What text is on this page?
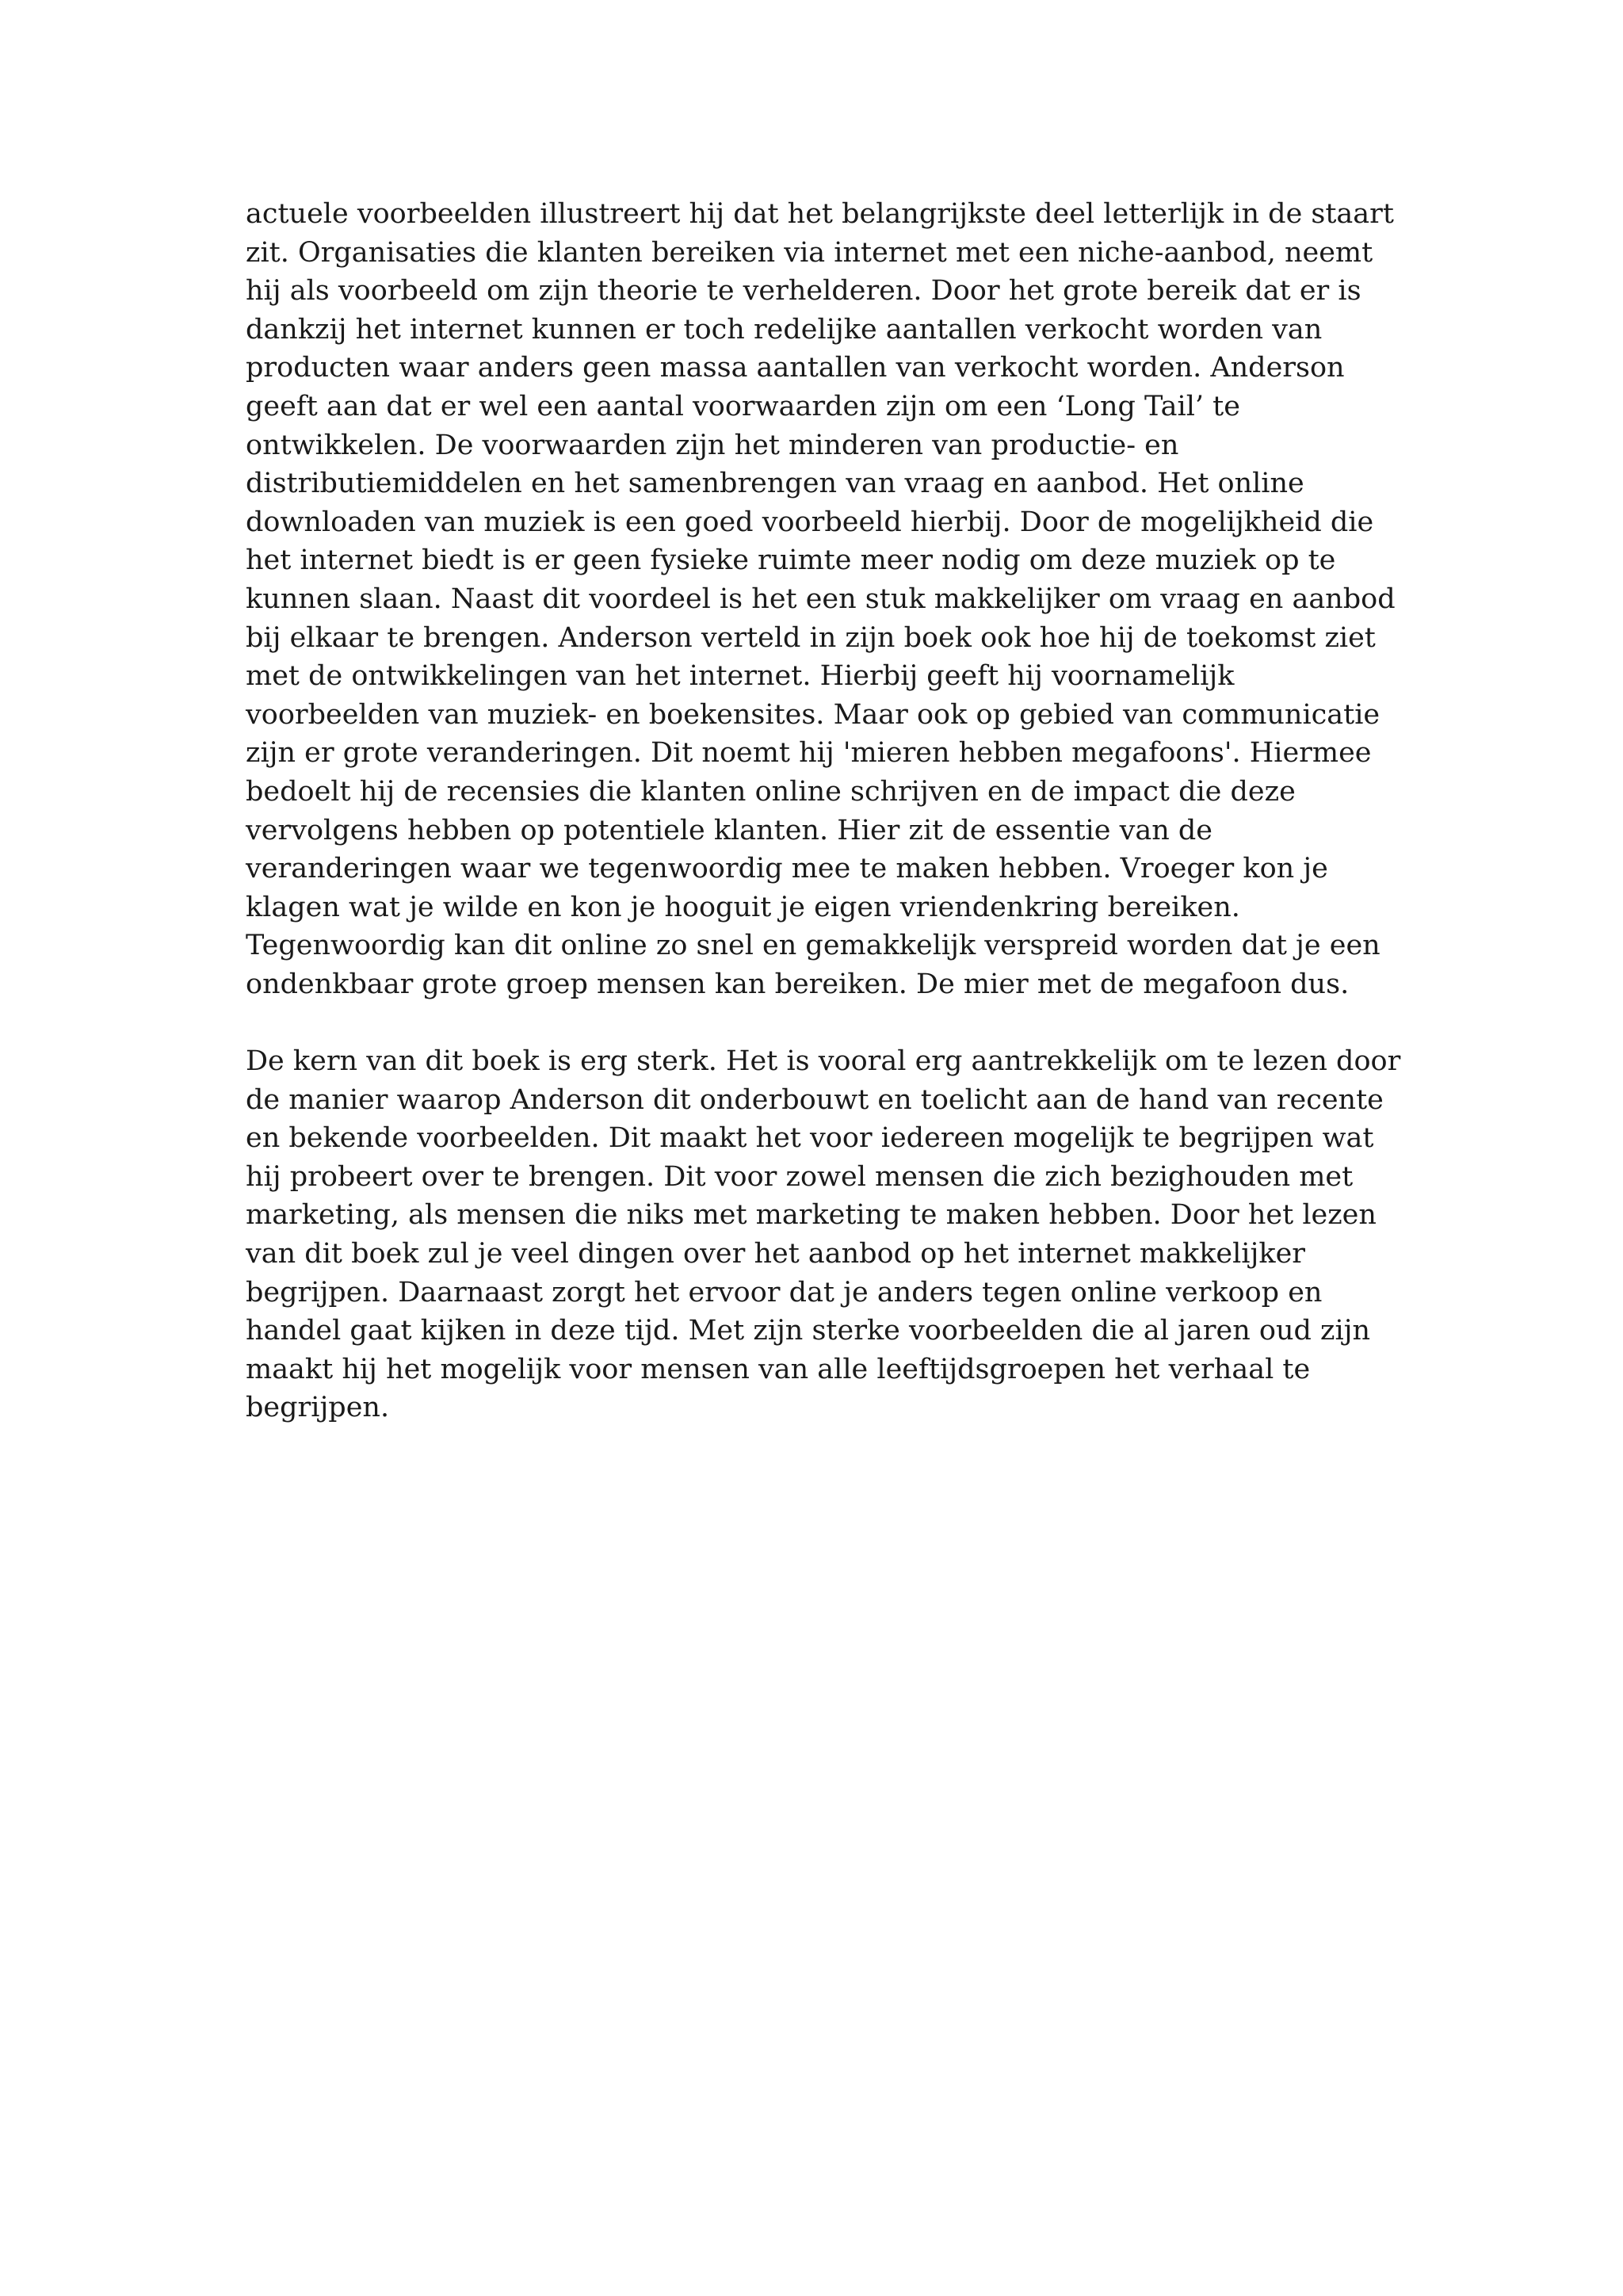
actuele voorbeelden illustreert hij dat het belangrijkste deel letterlijk in de staart
zit. Organisaties die klanten bereiken via internet met een niche-aanbod, neemt
hij als voorbeeld om zijn theorie te verhelderen. Door het grote bereik dat er is
dankzij het internet kunnen er toch redelijke aantallen verkocht worden van
producten waar anders geen massa aantallen van verkocht worden. Anderson
geeft aan dat er wel een aantal voorwaarden zijn om een ‘Long Tail’ te
ontwikkelen. De voorwaarden zijn het minderen van productie- en
distributiemiddelen en het samenbrengen van vraag en aanbod. Het online
downloaden van muziek is een goed voorbeeld hierbij. Door de mogelijkheid die
het internet biedt is er geen fysieke ruimte meer nodig om deze muziek op te
kunnen slaan. Naast dit voordeel is het een stuk makkelijker om vraag en aanbod
bij elkaar te brengen. Anderson verteld in zijn boek ook hoe hij de toekomst ziet
met de ontwikkelingen van het internet. Hierbij geeft hij voornamelijk
voorbeelden van muziek- en boekensites. Maar ook op gebied van communicatie
zijn er grote veranderingen. Dit noemt hij 'mieren hebben megafoons'. Hiermee
bedoelt hij de recensies die klanten online schrijven en de impact die deze
vervolgens hebben op potentiele klanten. Hier zit de essentie van de
veranderingen waar we tegenwoordig mee te maken hebben. Vroeger kon je
klagen wat je wilde en kon je hooguit je eigen vriendenkring bereiken.
Tegenwoordig kan dit online zo snel en gemakkelijk verspreid worden dat je een
ondenkbaar grote groep mensen kan bereiken. De mier met de megafoon dus.

De kern van dit boek is erg sterk. Het is vooral erg aantrekkelijk om te lezen door
de manier waarop Anderson dit onderbouwt en toelicht aan de hand van recente
en bekende voorbeelden. Dit maakt het voor iedereen mogelijk te begrijpen wat
hij probeert over te brengen. Dit voor zowel mensen die zich bezighouden met
marketing, als mensen die niks met marketing te maken hebben. Door het lezen
van dit boek zul je veel dingen over het aanbod op het internet makkelijker
begrijpen. Daarnaast zorgt het ervoor dat je anders tegen online verkoop en
handel gaat kijken in deze tijd. Met zijn sterke voorbeelden die al jaren oud zijn
maakt hij het mogelijk voor mensen van alle leeftijdsgroepen het verhaal te
begrijpen.
